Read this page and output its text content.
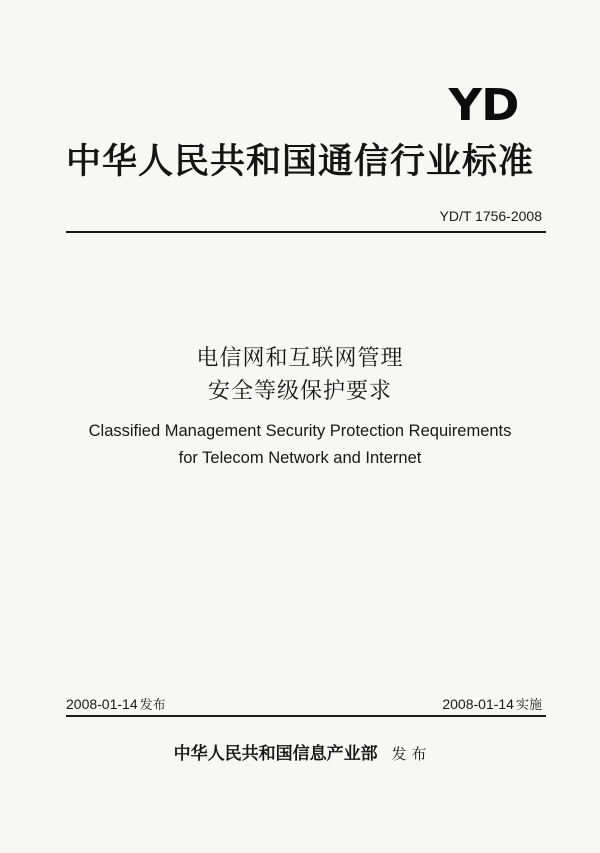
YD
中华人民共和国通信行业标准
YD/T 1756-2008
电信网和互联网管理
安全等级保护要求
Classified Management Security Protection Requirements
for Telecom Network and Internet
2008-01-14 发布	2008-01-14 实施
中华人民共和国信息产业部 发 布
